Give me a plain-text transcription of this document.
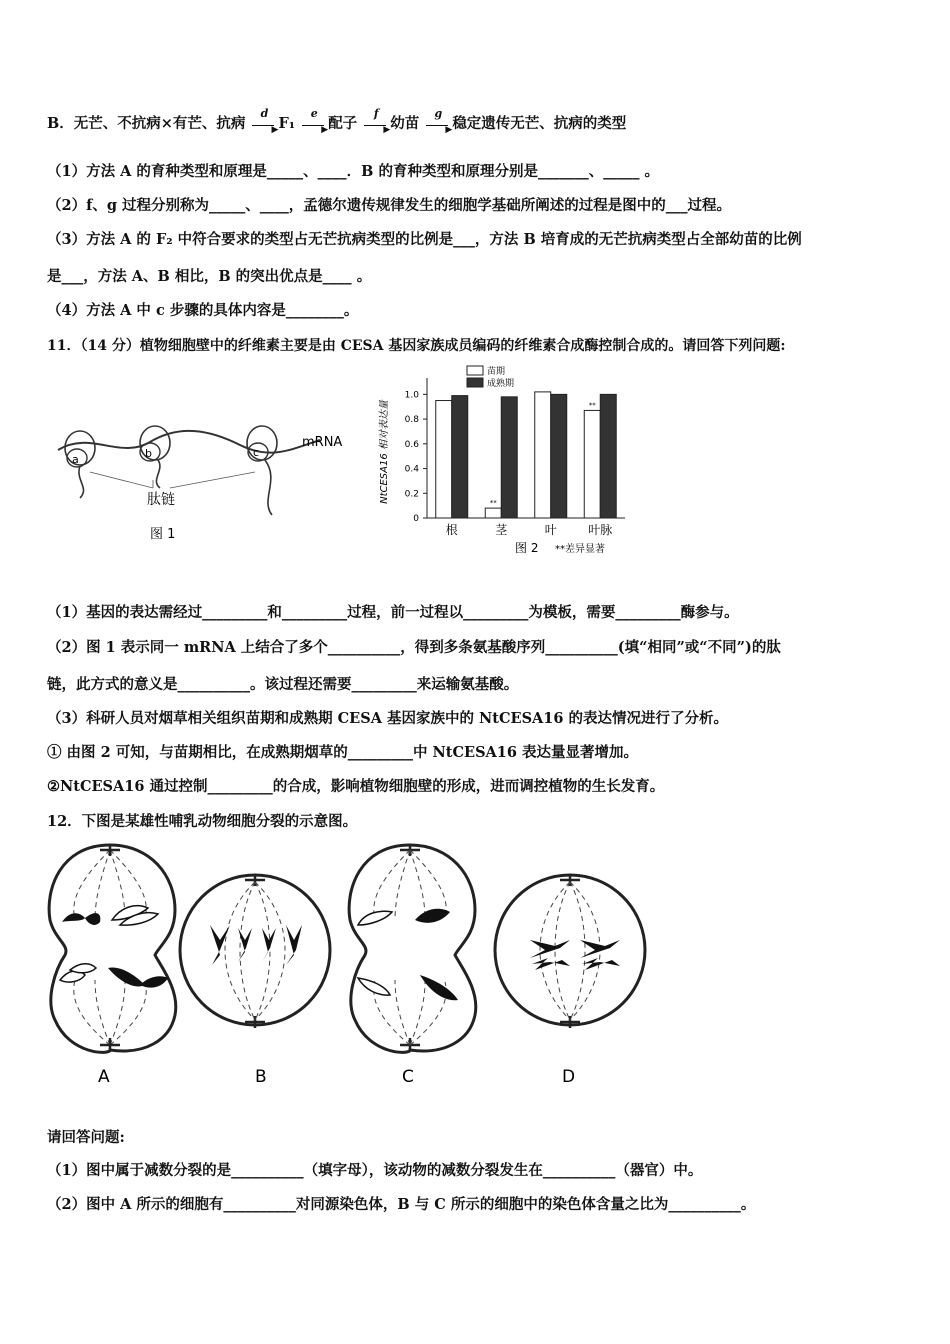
B．无芒、不抗病×有芒、抗病
d
▶ F₁
e
▶ 配子
f
▶ 幼苗
g
▶ 稳定遗传无芒、抗病的类型
（1）方法 A 的育种类型和原理是_____、____．B 的育种类型和原理分别是_______、_____ 。
（2）f、g 过程分别称为_____、____，孟德尔遗传规律发生的细胞学基础所阐述的过程是图中的___过程。
（3）方法 A 的 F₂ 中符合要求的类型占无芒抗病类型的比例是___，方法 B 培育成的无芒抗病类型占全部幼苗的比例
是___，方法 A、B 相比，B 的突出优点是____ 。
（4）方法 A 中 c 步骤的具体内容是________。
11．（14 分）植物细胞壁中的纤维素主要是由 CESA 基因家族成员编码的纤维素合成酶控制合成的。请回答下列问题:
a	b	c
mRNA
肽链
图 1
0
0.2
0.4
0.6
0.8
1.0
NtCESA16 相对表达量
根
**
茎	叶
**
叶脉
苗期
成熟期
图 2 **差异显著
（1）基因的表达需经过_________和_________过程，前一过程以_________为模板，需要_________酶参与。
（2）图 1 表示同一 mRNA 上结合了多个__________，得到多条氨基酸序列__________(填“相同”或“不同”)的肽
链，此方式的意义是__________。该过程还需要_________来运输氨基酸。
（3）科研人员对烟草相关组织苗期和成熟期 CESA 基因家族中的 NtCESA16 的表达情况进行了分析。
① 由图 2 可知，与苗期相比，在成熟期烟草的_________中 NtCESA16 表达量显著增加。
②NtCESA16 通过控制_________的合成，影响植物细胞壁的形成，进而调控植物的生长发育。
12．下图是某雄性哺乳动物细胞分裂的示意图。
A	B	C	D
请回答问题:
（1）图中属于减数分裂的是__________（填字母），该动物的减数分裂发生在__________（器官）中。
（2）图中 A 所示的细胞有__________对同源染色体，B 与 C 所示的细胞中的染色体含量之比为__________。
